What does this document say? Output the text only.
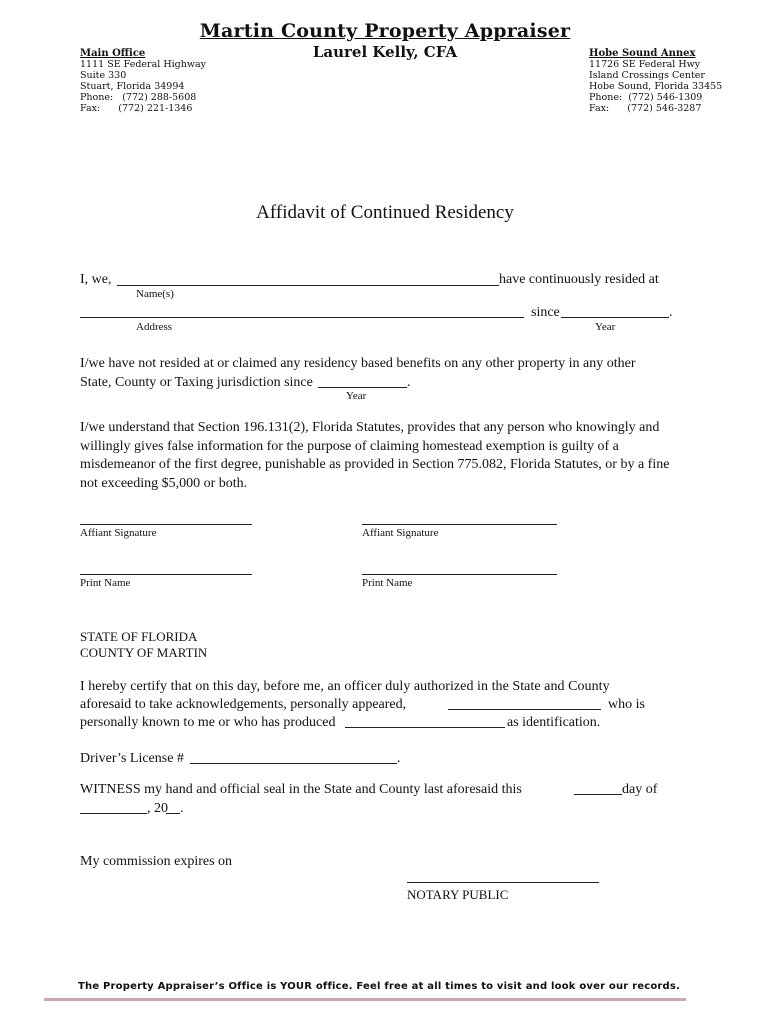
Martin County Property Appraiser
Laurel Kelly, CFA
Main Office
1111 SE Federal Highway
Suite 330
Stuart, Florida 34994
Phone:   (772) 288-5608
Fax:      (772) 221-1346
Hobe Sound Annex
11726 SE Federal Hwy
Island Crossings Center
Hobe Sound, Florida 33455
Phone:  (772) 546-1309
Fax:      (772) 546-3287
Affidavit of Continued Residency
I, we,	have continuously resided at
Name(s)
since	.
Address	Year
I/we have not resided at or claimed any residency based benefits on any other property in any other
State, County or Taxing jurisdiction since	.
Year
I/we understand that Section 196.131(2), Florida Statutes, provides that any person who knowingly and willingly gives false information for the purpose of claiming homestead exemption is guilty of a misdemeanor of the first degree, punishable as provided in Section 775.082, Florida Statutes, or by a fine not exceeding $5,000 or both.
Affiant Signature	Affiant Signature
Print Name	Print Name
STATE OF FLORIDA
COUNTY OF MARTIN
I hereby certify that on this day, before me, an officer duly authorized in the State and County
aforesaid to take acknowledgements, personally appeared,	who is
personally known to me or who has produced	as identification.
Driver’s License #	.
WITNESS my hand and official seal in the State and County last aforesaid this	day of
, 20 .
My commission expires on
NOTARY PUBLIC
The Property Appraiser’s Office is YOUR office. Feel free at all times to visit and look over our records.
